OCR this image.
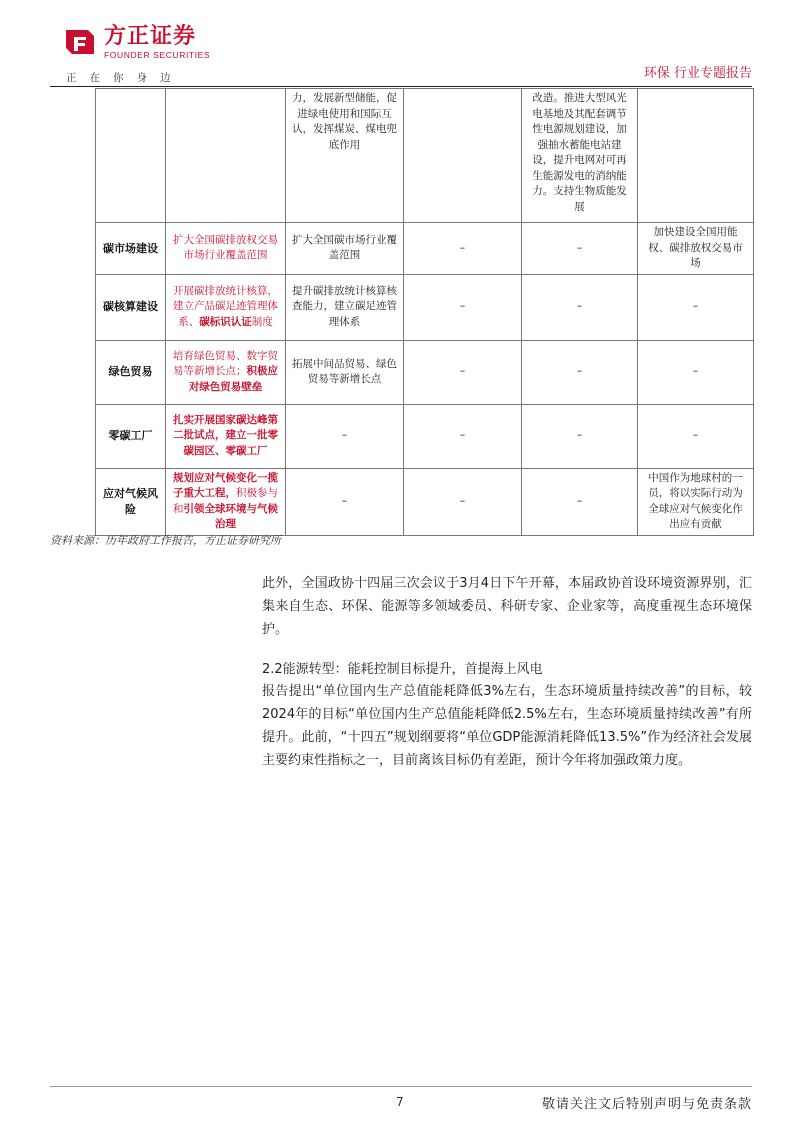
方正证券
FOUNDER SECURITIES
正在你身边	环保 行业专题报告
		力，发展新型储能，促进绿电使用和国际互认，发挥煤炭、煤电兜底作用		改造。推进大型风光电基地及其配套调节性电源规划建设，加强抽水蓄能电站建设，提升电网对可再生能源发电的消纳能力。支持生物质能发展	
碳市场建设	扩大全国碳排放权交易市场行业覆盖范围	扩大全国碳市场行业覆盖范围	–	–	加快建设全国用能权、碳排放权交易市场
碳核算建设	开展碳排放统计核算，建立产品碳足迹管理体系、碳标识认证制度	提升碳排放统计核算核查能力，建立碳足迹管理体系	–	–	–
绿色贸易	培育绿色贸易、数字贸易等新增长点；积极应对绿色贸易壁垒	拓展中间品贸易、绿色贸易等新增长点	–	–	–
零碳工厂	扎实开展国家碳达峰第二批试点，建立一批零碳园区、零碳工厂	–	–	–	–
应对气候风险	规划应对气候变化一揽子重大工程，积极参与和引领全球环境与气候治理	–	–	–	中国作为地球村的一员，将以实际行动为全球应对气候变化作出应有贡献
资料来源：历年政府工作报告，方正证券研究所
此外，全国政协十四届三次会议于3月4日下午开幕，本届政协首设环境资源界别，汇集来自生态、环保、能源等多领域委员、科研专家、企业家等，高度重视生态环境保护。
2.2能源转型：能耗控制目标提升，首提海上风电
报告提出“单位国内生产总值能耗降低3%左右，生态环境质量持续改善”的目标，较2024年的目标“单位国内生产总值能耗降低2.5%左右，生态环境质量持续改善”有所提升。此前，“十四五”规划纲要将“单位GDP能源消耗降低13.5%”作为经济社会发展主要约束性指标之一，目前离该目标仍有差距，预计今年将加强政策力度。
7	敬请关注文后特别声明与免责条款
